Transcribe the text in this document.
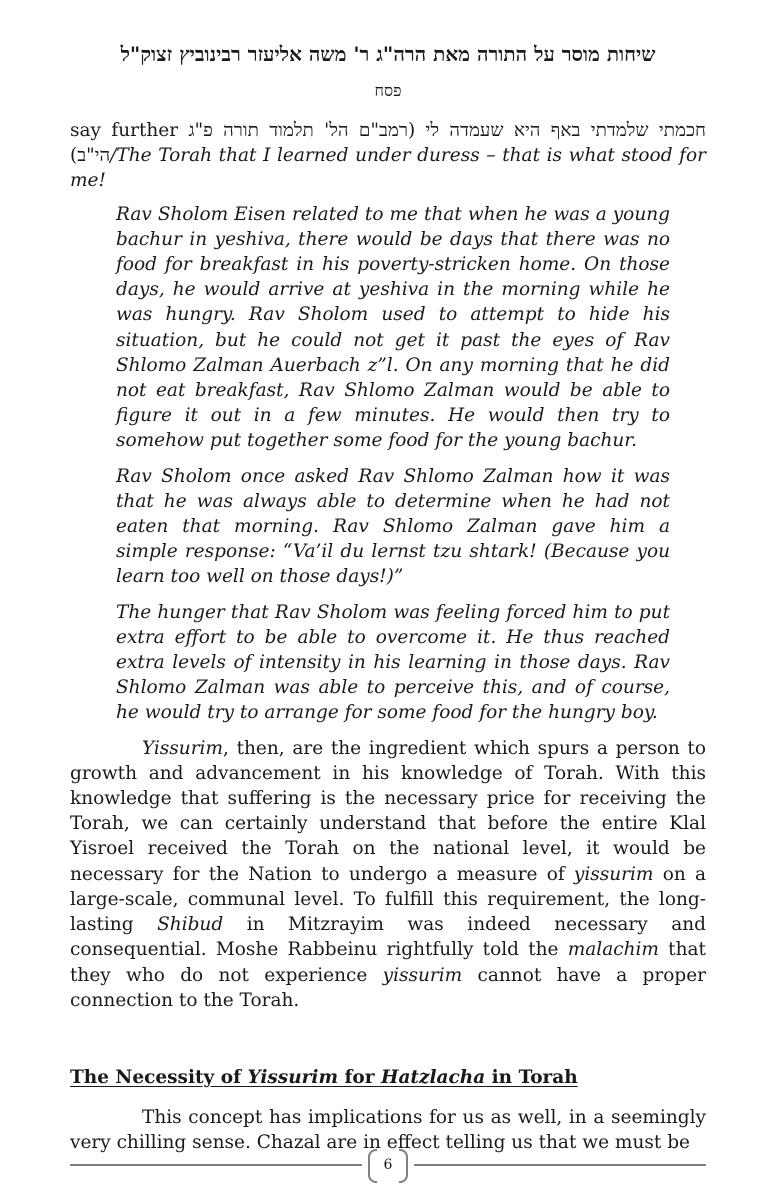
שיחות מוסר על התורה מאת הרה"ג ר' משה אליעזר רבינוביץ זצוק"ל
פסח

say further חכמתי שלמדתי באף היא שעמדה לי (רמב"ם הל' תלמוד תורה פ"ג הי"ב)/The Torah that I learned under duress – that is what stood for me!

Rav Sholom Eisen related to me that when he was a young bachur in yeshiva, there would be days that there was no food for breakfast in his poverty-stricken home. On those days, he would arrive at yeshiva in the morning while he was hungry. Rav Sholom used to attempt to hide his situation, but he could not get it past the eyes of Rav Shlomo Zalman Auerbach z”l. On any morning that he did not eat breakfast, Rav Shlomo Zalman would be able to figure it out in a few minutes. He would then try to somehow put together some food for the young bachur.

Rav Sholom once asked Rav Shlomo Zalman how it was that he was always able to determine when he had not eaten that morning. Rav Shlomo Zalman gave him a simple response: “Va’il du lernst tzu shtark! (Because you learn too well on those days!)”

The hunger that Rav Sholom was feeling forced him to put extra effort to be able to overcome it. He thus reached extra levels of intensity in his learning in those days. Rav Shlomo Zalman was able to perceive this, and of course, he would try to arrange for some food for the hungry boy.

Yissurim, then, are the ingredient which spurs a person to growth and advancement in his knowledge of Torah. With this knowledge that suffering is the necessary price for receiving the Torah, we can certainly understand that before the entire Klal Yisroel received the Torah on the national level, it would be necessary for the Nation to undergo a measure of yissurim on a large-scale, communal level. To fulfill this requirement, the long-lasting Shibud in Mitzrayim was indeed necessary and consequential. Moshe Rabbeinu rightfully told the malachim that they who do not experience yissurim cannot have a proper connection to the Torah.

The Necessity of Yissurim for Hatzlacha in Torah

This concept has implications for us as well, in a seemingly very chilling sense. Chazal are in effect telling us that we must be

6
